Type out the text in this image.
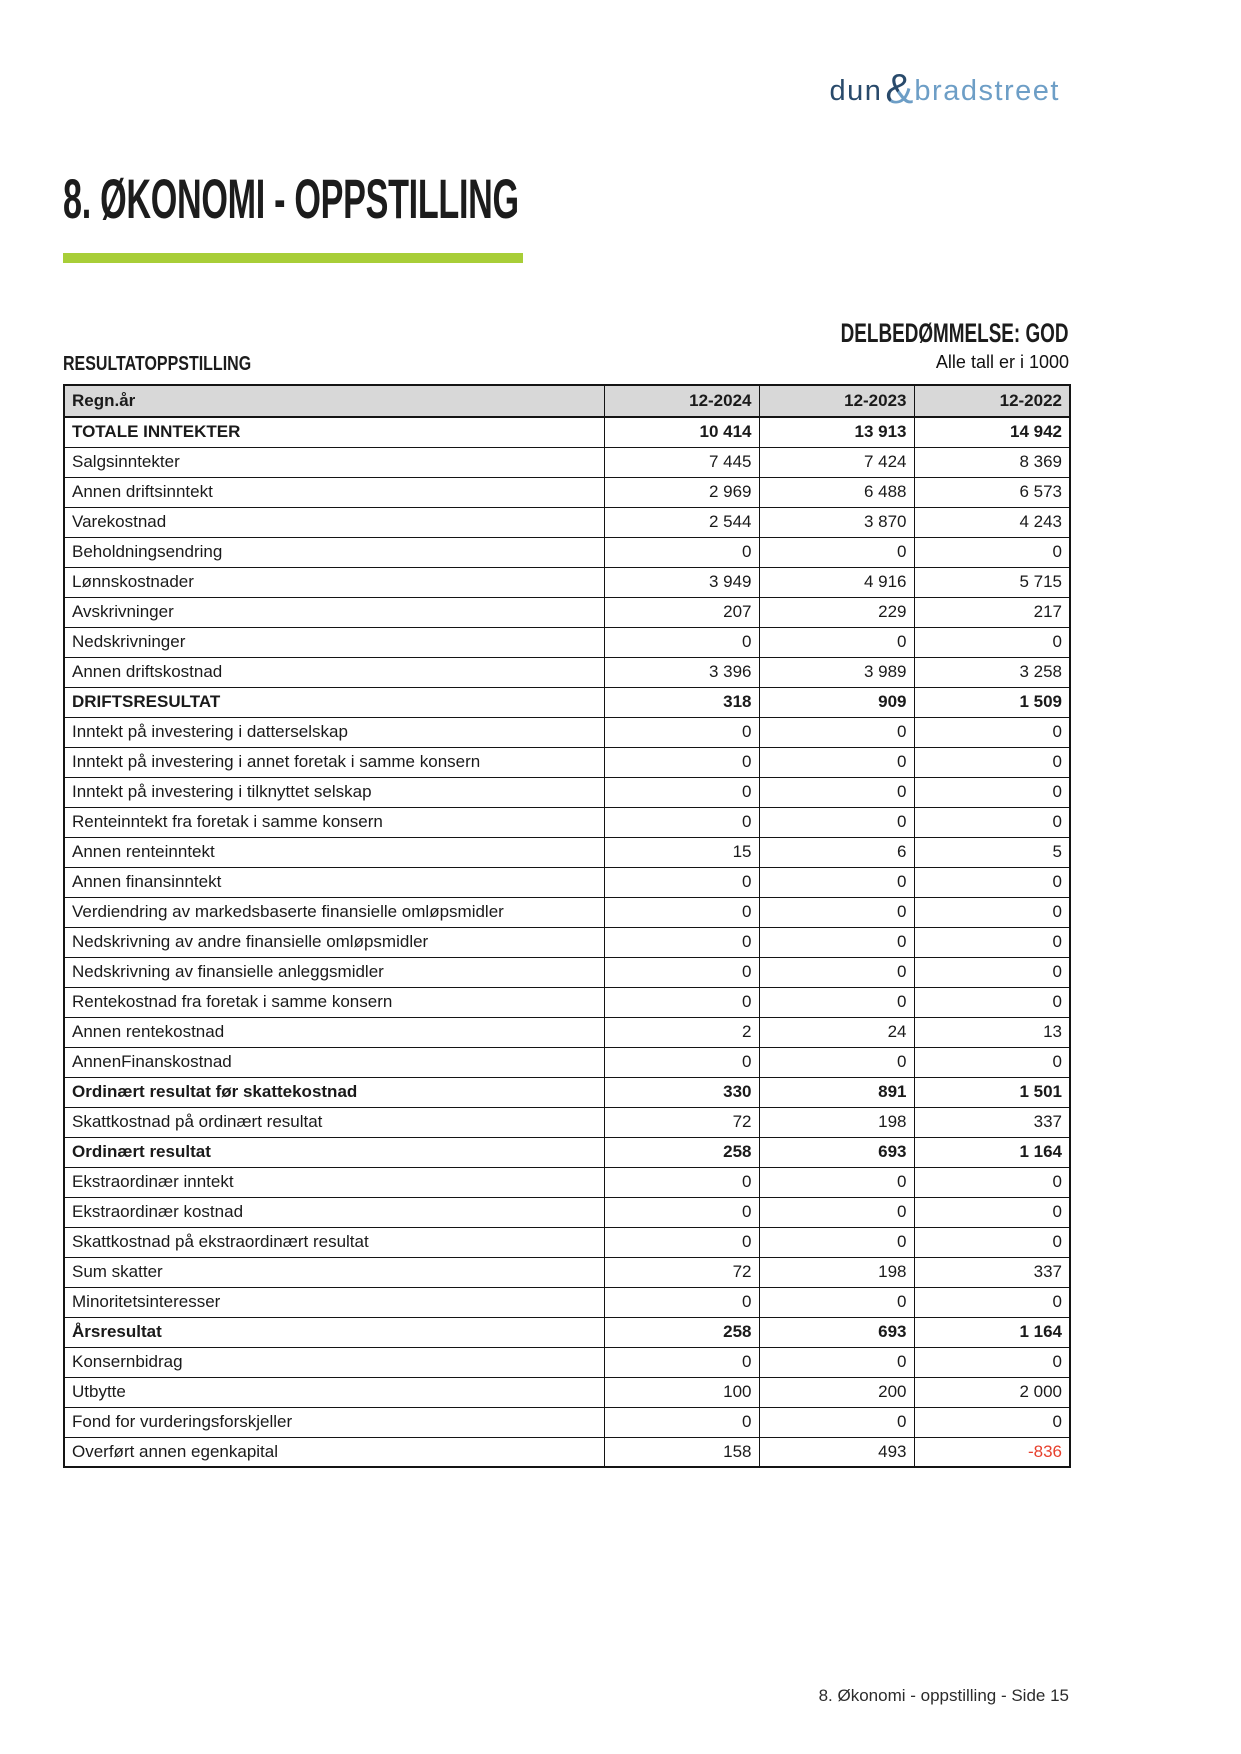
dun & bradstreet
8. ØKONOMI - OPPSTILLING
DELBEDØMMELSE: GOD
RESULTATOPPSTILLING	Alle tall er i 1000
Regn.år	12-2024	12-2023	12-2022
TOTALE INNTEKTER	10 414	13 913	14 942
Salgsinntekter	7 445	7 424	8 369
Annen driftsinntekt	2 969	6 488	6 573
Varekostnad	2 544	3 870	4 243
Beholdningsendring	0	0	0
Lønnskostnader	3 949	4 916	5 715
Avskrivninger	207	229	217
Nedskrivninger	0	0	0
Annen driftskostnad	3 396	3 989	3 258
DRIFTSRESULTAT	318	909	1 509
Inntekt på investering i datterselskap	0	0	0
Inntekt på investering i annet foretak i samme konsern	0	0	0
Inntekt på investering i tilknyttet selskap	0	0	0
Renteinntekt fra foretak i samme konsern	0	0	0
Annen renteinntekt	15	6	5
Annen finansinntekt	0	0	0
Verdiendring av markedsbaserte finansielle omløpsmidler	0	0	0
Nedskrivning av andre finansielle omløpsmidler	0	0	0
Nedskrivning av finansielle anleggsmidler	0	0	0
Rentekostnad fra foretak i samme konsern	0	0	0
Annen rentekostnad	2	24	13
AnnenFinanskostnad	0	0	0
Ordinært resultat før skattekostnad	330	891	1 501
Skattkostnad på ordinært resultat	72	198	337
Ordinært resultat	258	693	1 164
Ekstraordinær inntekt	0	0	0
Ekstraordinær kostnad	0	0	0
Skattkostnad på ekstraordinært resultat	0	0	0
Sum skatter	72	198	337
Minoritetsinteresser	0	0	0
Årsresultat	258	693	1 164
Konsernbidrag	0	0	0
Utbytte	100	200	2 000
Fond for vurderingsforskjeller	0	0	0
Overført annen egenkapital	158	493	-836
8. Økonomi - oppstilling - Side 15
